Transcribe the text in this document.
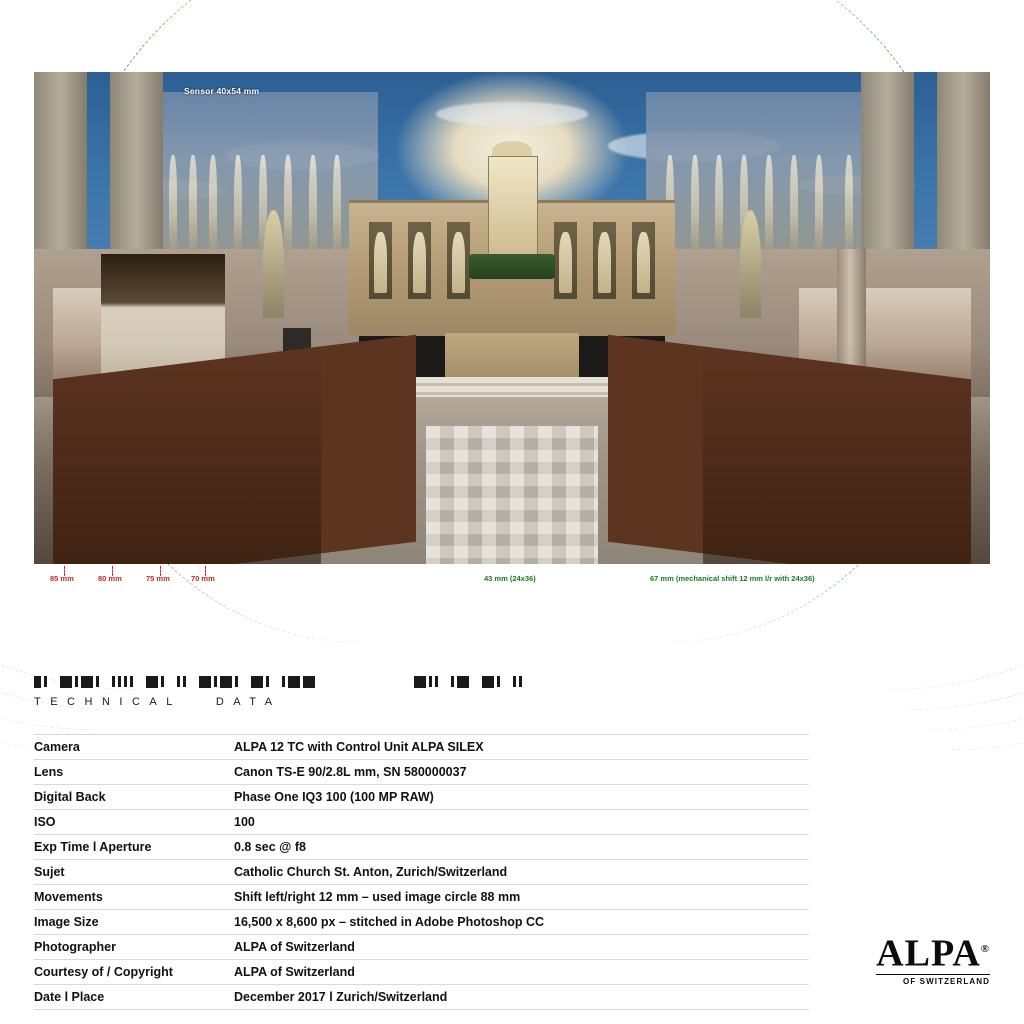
Sensor 40x54 mm
85 mm	80 mm	75 mm	70 mm	43 mm (24x36)	67 mm (mechanical shift 12 mm l/r with 24x36)
TECHNICAL	DATA
Camera	ALPA 12 TC with Control Unit ALPA SILEX
Lens	Canon TS-E 90/2.8L mm, SN 580000037
Digital Back	Phase One IQ3 100 (100 MP RAW)
ISO	100
Exp Time l Aperture	0.8 sec @ f8
Sujet	Catholic Church St. Anton, Zurich/Switzerland
Movements	Shift left/right 12 mm – used image circle 88 mm
Image Size	16,500 x 8,600 px – stitched in Adobe Photoshop CC
Photographer	ALPA of Switzerland
Courtesy of / Copyright	ALPA of Switzerland
Date l Place	December 2017 l Zurich/Switzerland
ALPA®
OF SWITZERLAND
